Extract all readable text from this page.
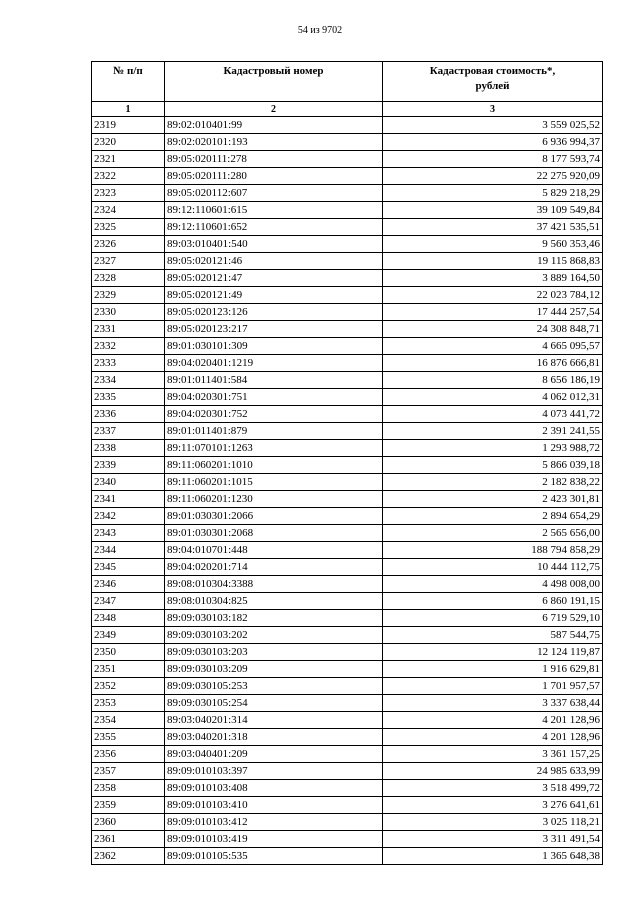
54 из 9702
№ п/п	Кадастровый номер	Кадастровая стоимость*,
рублей
1	2	3
2319	89:02:010401:99	3 559 025,52
2320	89:02:020101:193	6 936 994,37
2321	89:05:020111:278	8 177 593,74
2322	89:05:020111:280	22 275 920,09
2323	89:05:020112:607	5 829 218,29
2324	89:12:110601:615	39 109 549,84
2325	89:12:110601:652	37 421 535,51
2326	89:03:010401:540	9 560 353,46
2327	89:05:020121:46	19 115 868,83
2328	89:05:020121:47	3 889 164,50
2329	89:05:020121:49	22 023 784,12
2330	89:05:020123:126	17 444 257,54
2331	89:05:020123:217	24 308 848,71
2332	89:01:030101:309	4 665 095,57
2333	89:04:020401:1219	16 876 666,81
2334	89:01:011401:584	8 656 186,19
2335	89:04:020301:751	4 062 012,31
2336	89:04:020301:752	4 073 441,72
2337	89:01:011401:879	2 391 241,55
2338	89:11:070101:1263	1 293 988,72
2339	89:11:060201:1010	5 866 039,18
2340	89:11:060201:1015	2 182 838,22
2341	89:11:060201:1230	2 423 301,81
2342	89:01:030301:2066	2 894 654,29
2343	89:01:030301:2068	2 565 656,00
2344	89:04:010701:448	188 794 858,29
2345	89:04:020201:714	10 444 112,75
2346	89:08:010304:3388	4 498 008,00
2347	89:08:010304:825	6 860 191,15
2348	89:09:030103:182	6 719 529,10
2349	89:09:030103:202	587 544,75
2350	89:09:030103:203	12 124 119,87
2351	89:09:030103:209	1 916 629,81
2352	89:09:030105:253	1 701 957,57
2353	89:09:030105:254	3 337 638,44
2354	89:03:040201:314	4 201 128,96
2355	89:03:040201:318	4 201 128,96
2356	89:03:040401:209	3 361 157,25
2357	89:09:010103:397	24 985 633,99
2358	89:09:010103:408	3 518 499,72
2359	89:09:010103:410	3 276 641,61
2360	89:09:010103:412	3 025 118,21
2361	89:09:010103:419	3 311 491,54
2362	89:09:010105:535	1 365 648,38
